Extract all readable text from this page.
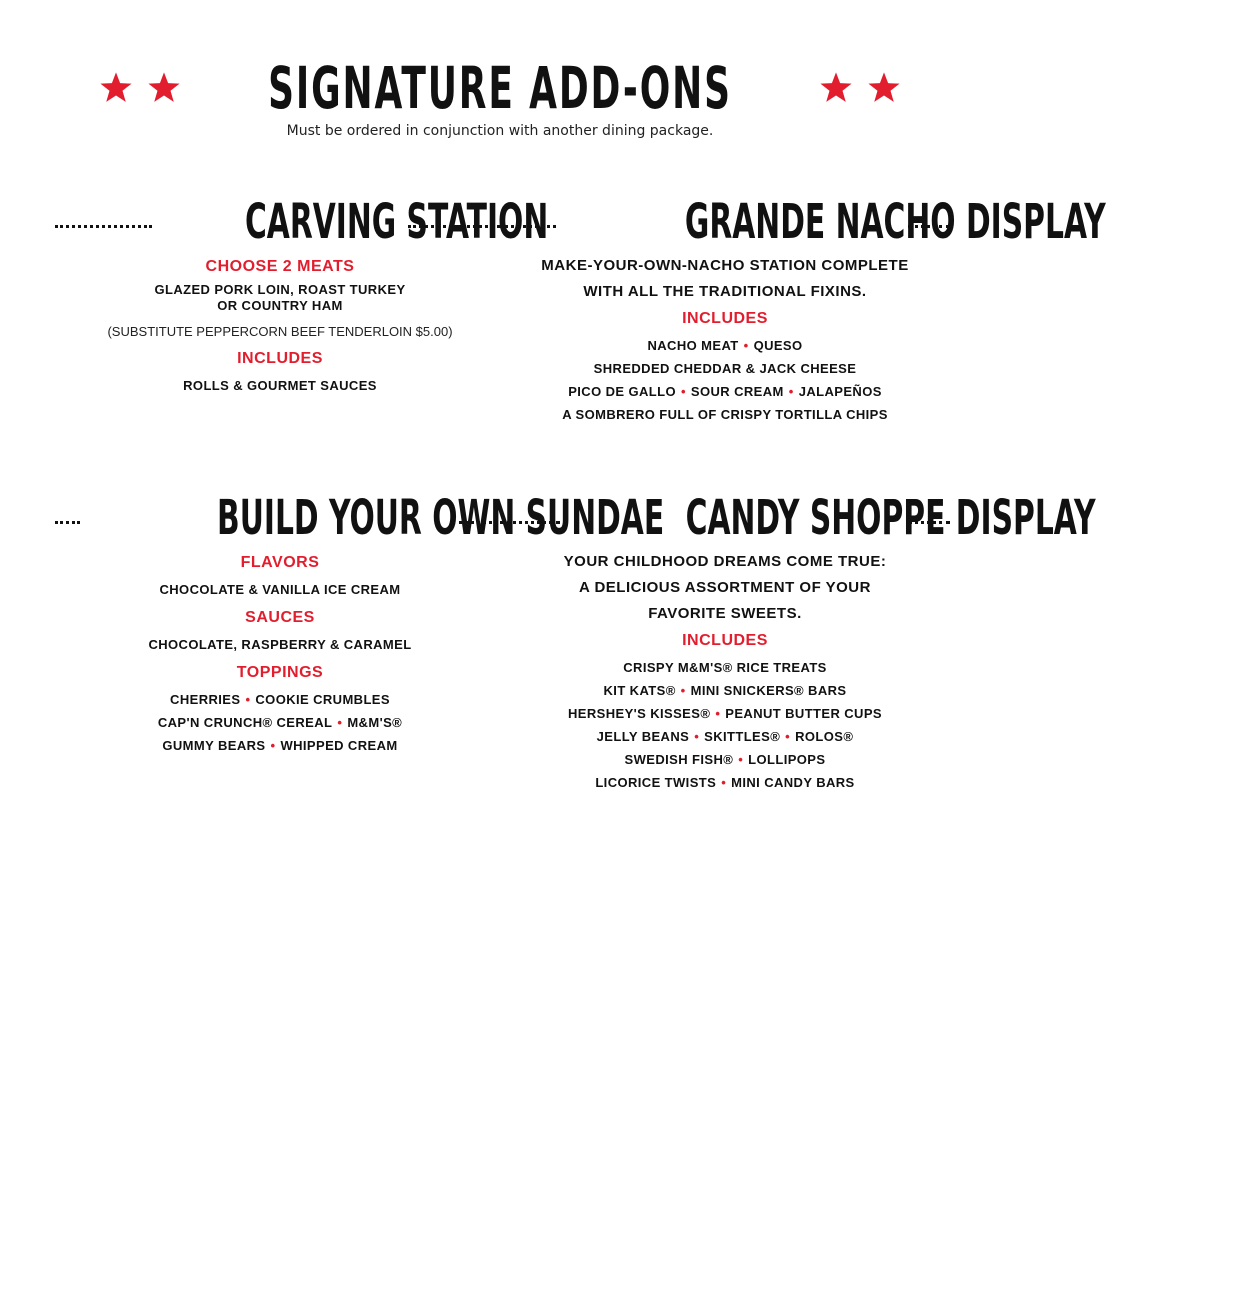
SIGNATURE ADD-ONS
Must be ordered in conjunction with another dining package.
CARVING STATION
CHOOSE 2 MEATS
GLAZED PORK LOIN, ROAST TURKEY
OR COUNTRY HAM
(SUBSTITUTE PEPPERCORN BEEF TENDERLOIN $5.00)
INCLUDES
ROLLS & GOURMET SAUCES
GRANDE NACHO DISPLAY
MAKE-YOUR-OWN-NACHO STATION COMPLETE
WITH ALL THE TRADITIONAL FIXINS.
INCLUDES
NACHO MEAT • QUESO
SHREDDED CHEDDAR & JACK CHEESE
PICO DE GALLO • SOUR CREAM • JALAPEÑOS
A SOMBRERO FULL OF CRISPY TORTILLA CHIPS
BUILD YOUR OWN SUNDAE
FLAVORS
CHOCOLATE & VANILLA ICE CREAM
SAUCES
CHOCOLATE, RASPBERRY & CARAMEL
TOPPINGS
CHERRIES • COOKIE CRUMBLES
CAP'N CRUNCH® CEREAL • M&M'S®
GUMMY BEARS • WHIPPED CREAM
CANDY SHOPPE DISPLAY
YOUR CHILDHOOD DREAMS COME TRUE:
A DELICIOUS ASSORTMENT OF YOUR
FAVORITE SWEETS.
INCLUDES
CRISPY M&M'S® RICE TREATS
KIT KATS® • MINI SNICKERS® BARS
HERSHEY'S KISSES® • PEANUT BUTTER CUPS
JELLY BEANS • SKITTLES® • ROLOS®
SWEDISH FISH® • LOLLIPOPS
LICORICE TWISTS • MINI CANDY BARS
